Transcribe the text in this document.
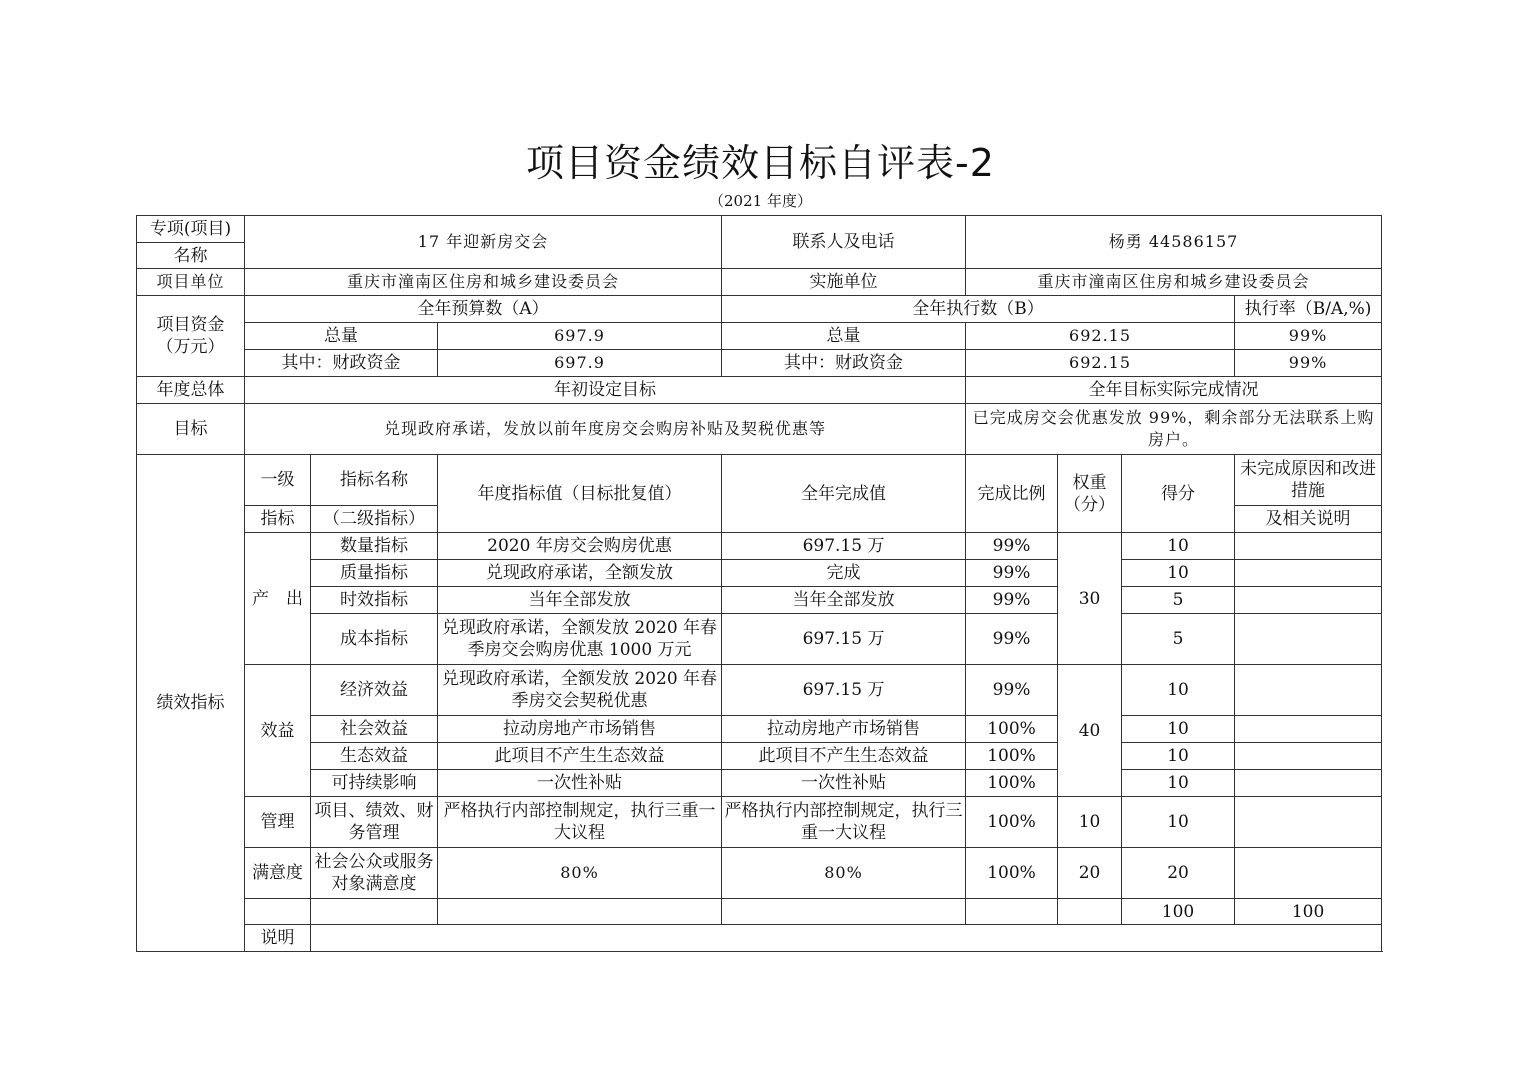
项目资金绩效目标自评表-2
（2021 年度）
专项(项目)	17 年迎新房交会			联系人及电话	杨勇 44586157				
名称									
项目单位	重庆市潼南区住房和城乡建设委员会			实施单位	重庆市潼南区住房和城乡建设委员会				

项目资金
（万元）	全年预算数（A）			全年执行数（B）				执行率（B/A,%)	
	总量		697.9	总量	692.15			99%	
	其中：财政资金		697.9	其中：财政资金	692.15			99%	
年度总体	年初设定目标				全年目标实际完成情况				
目标	兑现政府承诺，发放以前年度房交会购房补贴及契税优惠等				已完成房交会优惠发放 99%，剩余部分无法联系上购房户。				
绩效指标	一级	指标名称	年度指标值（目标批复值）	全年完成值	完成比例	权重（分）	得分	未完成原因和改进措施	
	指标	（二级指标）						及相关说明	
	产　出	数量指标	2020 年房交会购房优惠	697.15 万	99%	30	10		
		质量指标	兑现政府承诺，全额发放	完成	99%		10		
		时效指标	当年全部发放	当年全部发放	99%		5		
		成本指标	兑现政府承诺，全额发放 2020 年春季房交会购房优惠 1000 万元	697.15 万	99%		5		
	效益	经济效益	兑现政府承诺，全额发放 2020 年春季房交会契税优惠	697.15 万	99%	40	10		
		社会效益	拉动房地产市场销售	拉动房地产市场销售	100%		10		
		生态效益	此项目不产生生态效益	此项目不产生生态效益	100%		10		
		可持续影响	一次性补贴	一次性补贴	100%		10		
	管理	项目、绩效、财务管理	严格执行内部控制规定，执行三重一大议程	严格执行内部控制规定，执行三重一大议程	100%	10	10		
	满意度	社会公众或服务对象满意度	80%	80%	100%	20	20		
							100	100	
	说明								
